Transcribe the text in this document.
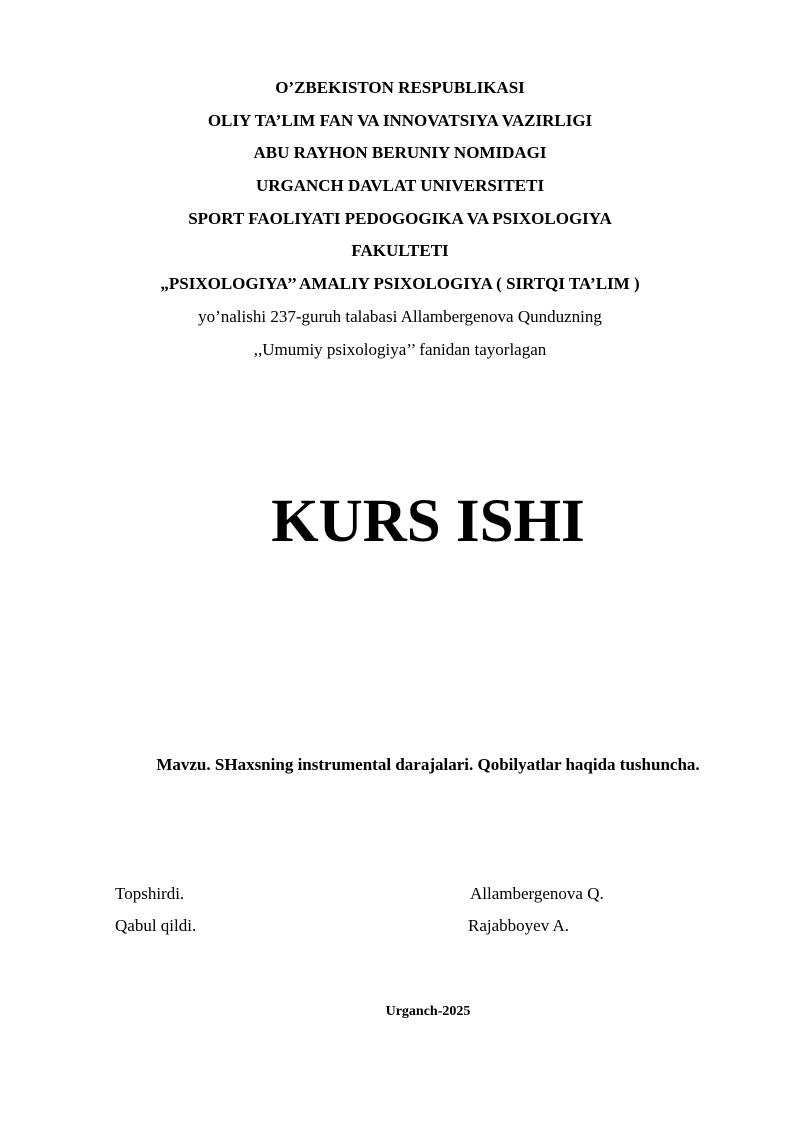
O’ZBEKISTON RESPUBLIKASI
OLIY TA’LIM FAN VA INNOVATSIYA VAZIRLIGI
ABU RAYHON BERUNIY NOMIDAGI
URGANCH DAVLAT UNIVERSITETI
SPORT FAOLIYATI PEDOGOGIKA VA PSIXOLOGIYA
FAKULTETI
„PSIXOLOGIYA’’ AMALIY PSIXOLOGIYA ( SIRTQI TA’LIM )
yo’nalishi 237-guruh talabasi Allambergenova Qunduzning
,,Umumiy psixologiya’’ fanidan tayorlagan
KURS ISHI
Mavzu. SHaxsning instrumental darajalari. Qobilyatlar haqida tushuncha.
Topshirdi.	Allambergenova Q.
Qabul qildi.	Rajabboyev A.
Urganch-2025
